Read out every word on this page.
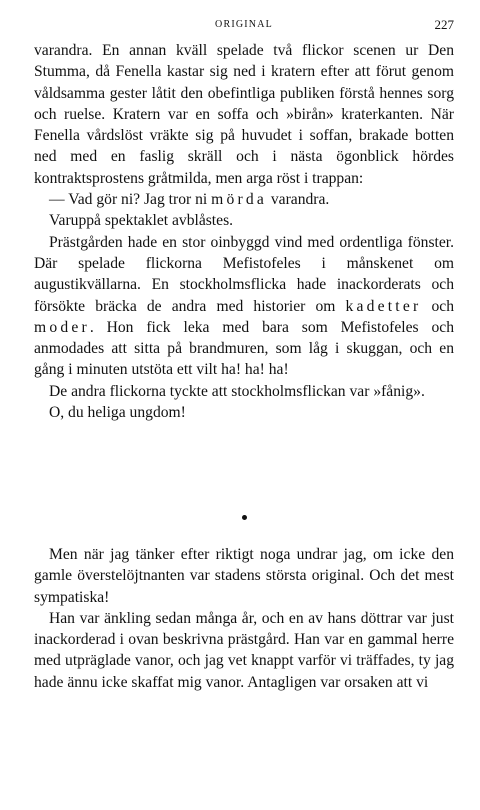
ORIGINAL	227

varandra. En annan kväll spelade två flickor scenen ur Den Stumma, då Fenella kastar sig ned i kratern efter att förut genom våldsamma gester låtit den obefintliga publiken förstå hennes sorg och ruelse. Kratern var en soffa och »birån» kraterkanten. När Fenella vårdslöst vräkte sig på huvudet i soffan, brakade botten ned med en faslig skräll och i nästa ögonblick hördes kontraktsprostens gråtmilda, men arga röst i trappan:

— Vad gör ni? Jag tror ni mörda varandra.

Varuppå spektaklet avblåstes.

Prästgården hade en stor oinbyggd vind med ordentliga fönster. Där spelade flickorna Mefistofeles i månskenet om augustikvällarna. En stockholmsflicka hade inackorderats och försökte bräcka de andra med historier om kadetter och moder. Hon fick leka med bara som Mefistofeles och anmodades att sitta på brandmuren, som låg i skuggan, och en gång i minuten utstöta ett vilt ha! ha! ha!

De andra flickorna tyckte att stockholmsflickan var »fånig».

O, du heliga ungdom!

Men när jag tänker efter riktigt noga undrar jag, om icke den gamle överstelöjtnanten var stadens största original. Och det mest sympatiska!

Han var änkling sedan många år, och en av hans döttrar var just inackorderad i ovan beskrivna prästgård. Han var en gammal herre med utpräglade vanor, och jag vet knappt varför vi träffades, ty jag hade ännu icke skaffat mig vanor. Antagligen var orsaken att vi
